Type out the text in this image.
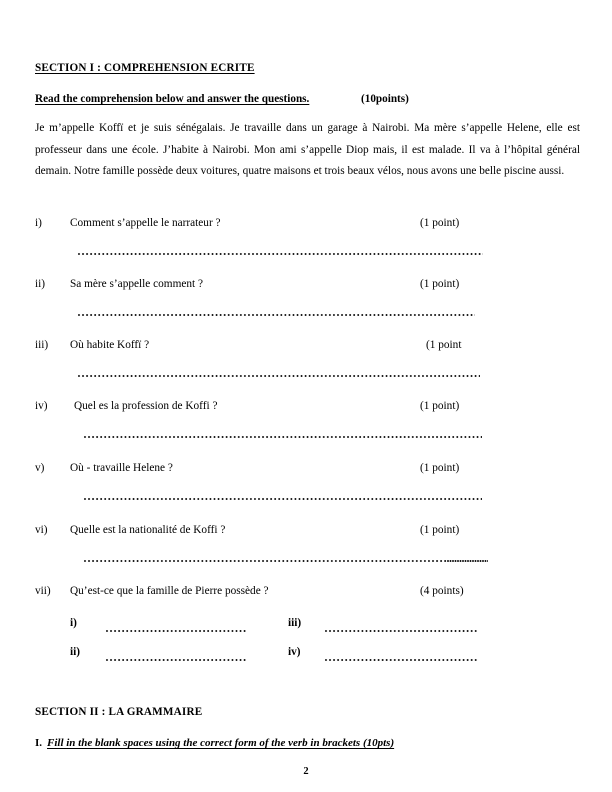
SECTION I : COMPREHENSION ECRITE
Read the comprehension below and answer the questions.	(10points)
Je m’appelle Koffï et je suis sénégalais. Je travaille dans un garage à Nairobi. Ma mère s’appelle Helene, elle est professeur dans une école. J’habite à Nairobi. Mon ami s’appelle Diop mais, il est malade. Il va à l’hôpital général demain. Notre famille possède deux voitures, quatre maisons et trois beaux vélos, nous avons une belle piscine aussi.
i) Comment s’appelle le narrateur ?	(1 point)
ii) Sa mère s’appelle comment ?	(1 point)
iii) Où habite Koffï ?	(1 point
iv) Quel es la profession de Koffi ?	(1 point)
v) Où - travaille Helene ?	(1 point)
vi) Quelle est la nationalité de Koffi ?	(1 point)
vii) Qu’est-ce que la famille de Pierre possède ?	(4 points)
i)	iii)
ii)	iv)
SECTION II : LA GRAMMAIRE
I. Fill in the blank spaces using the correct form of the verb in brackets (10pts)
2
